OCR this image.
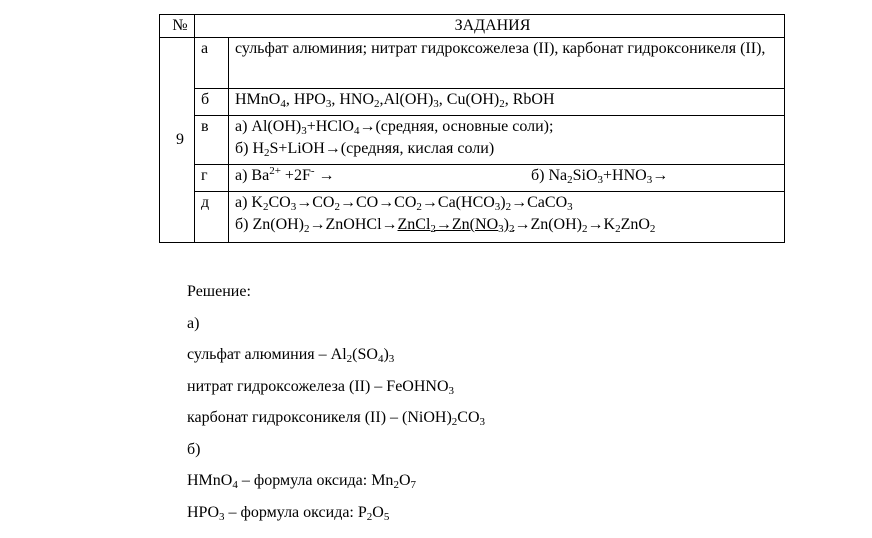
№	ЗАДАНИЯ	
9	а	сульфат алюминия; нитрат гидроксожелеза (II), карбонат гидроксоникеля (II),
	б	HMnO$_4$, $HPO_3$, $HNO_2,Al(OH)_3$, $Cu(OH)_2$, RbOH
	в	а) $Al(OH)_3+HClO_4\to(средняя$, основные соли);
б) $H_2S+LiOH\to(средняя$, кислая соли)

	г	а) $Ba^{2+} +2F^- \to б$) $Na_2SiO_3+HNO_3\to$
	д	а) $K_2CO_3\to CO_2\to CO\to CO_2\to Ca(HCO_3)_2\to CaCO_3$
б) $Zn(OH)_2\to ZnOHCl\to ZnCl_2\to Zn(NO_3)_2\to Zn(OH)_2\to K_2ZnO_2$
Решение:
а)
сульфат алюминия – $Al_2(SO_4)_3$
нитрат гидроксожелеза (II) – FeOHNO$_3$
карбонат гидроксоникеля $(II) - (NiOH)_2CO_3$
б)
HMnO$_4$ – формула оксида: $Mn_2O_7$
$HPO_3$ – формула оксида: $P_2O_5$
